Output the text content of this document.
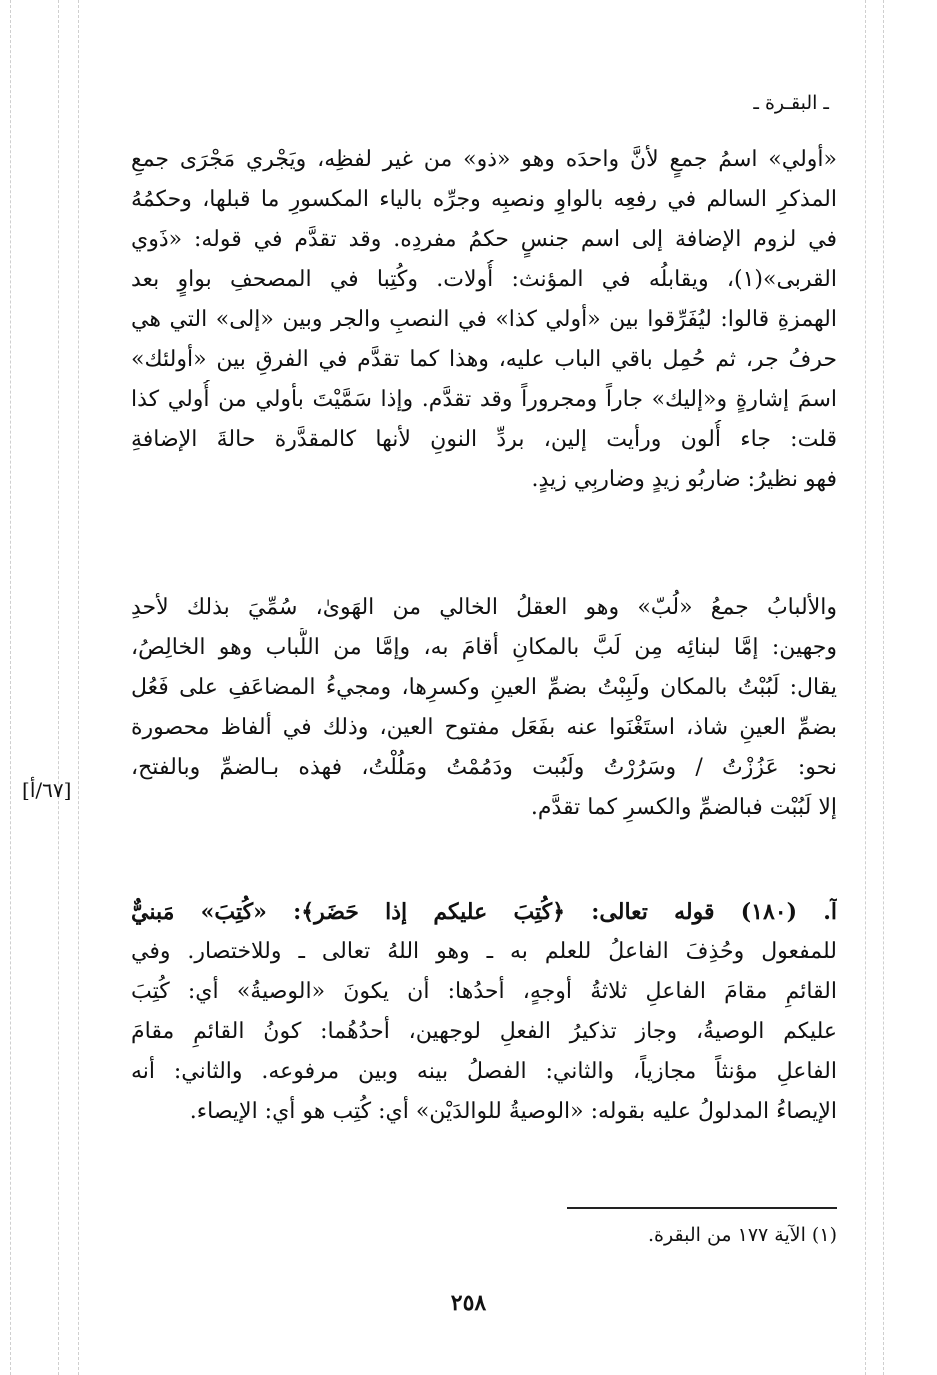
ـ البقـرة ـ
«أولي» اسمُ جمعٍ لأنَّ واحدَه وهو «ذو» من غير لفظِه، ويَجْري مَجْرَى جمعِ
المذكرِ السالم في رفعِه بالواوِ ونصبِه وجرِّه بالياء المكسورِ ما قبلها، وحكمُهُ
في لزوم الإضافة إلى اسم جنسٍ حكمُ مفردِه. وقد تقدَّم في قوله: «ذَوي
القربى»(١)، ويقابلُه في المؤنث: أُولات. وكُتِبا في المصحفِ بواوٍ بعد
الهمزةِ قالوا: ليُفَرِّقوا بين «أولي كذا» في النصبِ والجر وبين «إلى» التي هي
حرفُ جر، ثم حُمِل باقي الباب عليه، وهذا كما تقدَّم في الفرقِ بين «أولئك»
اسمَ إشارةٍ و«إليك» جاراً ومجروراً وقد تقدَّم. وإذا سَمَّيْتَ بأولي من أُولي كذا
قلت: جاء أُلون ورأيت إلين، بردِّ النونِ لأنها كالمقدَّرة حالةَ الإضافةِ
فهو نظيرُ: ضاربُو زيدٍ وضاربِي زيدٍ.
والألبابُ جمعُ «لُبّ» وهو العقلُ الخالي من الهَوىٰ، سُمِّيَ بذلك لأحدِ
وجهين: إمَّا لبنائِه مِن لَبَّ بالمكانِ أقامَ به، وإمَّا من اللُّباب وهو الخالِصُ،
يقال: لَبُبْتُ بالمكان ولَبِبْتُ بضمِّ العينِ وكسرِها، ومجيءُ المضاعَفِ على فَعُل
بضمِّ العينِ شاذ، استَغْنَوا عنه بفَعَل مفتوح العين، وذلك في ألفاظ محصورة
نحو: عَزُزْتُ / وسَرُرْتُ ولَبُبت ودَمُمْتُ ومَلُلْتُ، فهذه بـالضمِّ وبالفتح،
إلا لَبُبْت فبالضمِّ والكسرِ كما تقدَّم.
[٦٧/أ]
آ. (١٨٠) قوله تعالى: ﴿كُتِبَ عليكم إذا حَضَر﴾: «كُتِبَ» مَبنيٌّ
للمفعول وحُذِفَ الفاعلُ للعلم به ـ وهو اللهُ تعالى ـ وللاختصار. وفي
القائمِ مقامَ الفاعلِ ثلاثةُ أوجهٍ، أحدُها: أن يكونَ «الوصيةُ» أي: كُتِبَ
عليكم الوصيةُ، وجاز تذكيرُ الفعلِ لوجهين، أحدُهُما: كونُ القائمِ مقامَ
الفاعلِ مؤنثاً مجازياً، والثاني: الفصلُ بينه وبين مرفوعه. والثاني: أنه
الإيصاءُ المدلولُ عليه بقوله: «الوصيةُ للوالدَيْن» أي: كُتِب هو أي: الإيصاء.
(١) الآية ١٧٧ من البقرة.
٢٥٨
